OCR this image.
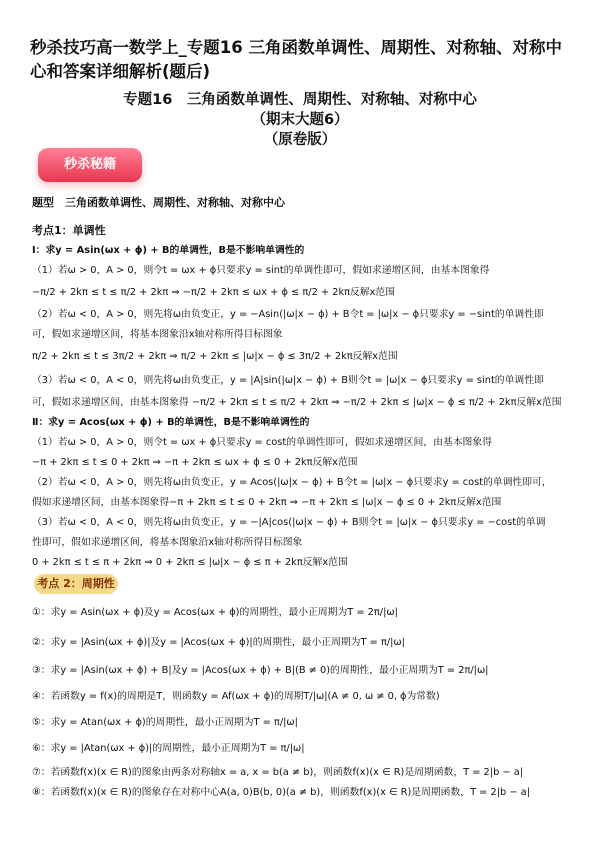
秒杀技巧高一数学上_专题16 三角函数单调性、周期性、对称轴、对称中心和答案详细解析(题后)
专题16　三角函数单调性、周期性、对称轴、对称中心
（期末大题6）
（原卷版）
秒杀秘籍
题型　三角函数单调性、周期性、对称轴、对称中心
考点1：单调性
Ⅰ：求y = Asin(ωx + ϕ) + B的单调性，B是不影响单调性的
（1）若ω > 0，A > 0，则令t = ωx + ϕ只要求y = sint的单调性即可，假如求递增区间，由基本图象得
−π/2 + 2kπ ≤ t ≤ π/2 + 2kπ ⇒ −π/2 + 2kπ ≤ ωx + ϕ ≤ π/2 + 2kπ反解x范围
（2）若ω < 0，A > 0，则先将ω由负变正，y = −Asin(|ω|x − ϕ) + B令t = |ω|x − ϕ只要求y = −sint的单调性即
可，假如求递增区间，将基本图象沿x轴对称所得目标图象
π/2 + 2kπ ≤ t ≤ 3π/2 + 2kπ ⇒ π/2 + 2kπ ≤ |ω|x − ϕ ≤ 3π/2 + 2kπ反解x范围
（3）若ω < 0，A < 0，则先将ω由负变正，y = |A|sin(|ω|x − ϕ) + B则令t = |ω|x − ϕ只要求y = sint的单调性即
可，假如求递增区间，由基本图象得 −π/2 + 2kπ ≤ t ≤ π/2 + 2kπ ⇒ −π/2 + 2kπ ≤ |ω|x − ϕ ≤ π/2 + 2kπ反解x范围
Ⅱ：求y = Acos(ωx + ϕ) + B的单调性，B是不影响单调性的
（1）若ω > 0，A > 0，则令t = ωx + ϕ只要求y = cost的单调性即可，假如求递增区间，由基本图象得
−π + 2kπ ≤ t ≤ 0 + 2kπ ⇒ −π + 2kπ ≤ ωx + ϕ ≤ 0 + 2kπ反解x范围
（2）若ω < 0，A > 0，则先将ω由负变正，y = Acos(|ω|x − ϕ) + B令t = |ω|x − ϕ只要求y = cost的单调性即可，
假如求递增区间，由基本图象得−π + 2kπ ≤ t ≤ 0 + 2kπ ⇒ −π + 2kπ ≤ |ω|x − ϕ ≤ 0 + 2kπ反解x范围
（3）若ω < 0，A < 0，则先将ω由负变正，y = −|A|cos(|ω|x − ϕ) + B则令t = |ω|x − ϕ只要求y = −cost的单调
性即可，假如求递增区间，将基本图象沿x轴对称所得目标图象
0 + 2kπ ≤ t ≤ π + 2kπ ⇒ 0 + 2kπ ≤ |ω|x − ϕ ≤ π + 2kπ反解x范围
考点 2：周期性
①：求y = Asin(ωx + ϕ)及y = Acos(ωx + ϕ)的周期性，最小正周期为T = 2π/|ω|
②：求y = |Asin(ωx + ϕ)|及y = |Acos(ωx + ϕ)|的周期性，最小正周期为T = π/|ω|
③：求y = |Asin(ωx + ϕ) + B|及y = |Acos(ωx + ϕ) + B|(B ≠ 0)的周期性，最小正周期为T = 2π/|ω|
④：若函数y = f(x)的周期是T，则函数y = Af(ωx + ϕ)的周期T/|ω|(A ≠ 0, ω ≠ 0, ϕ为常数)
⑤：求y = Atan(ωx + ϕ)的周期性，最小正周期为T = π/|ω|
⑥：求y = |Atan(ωx + ϕ)|的周期性，最小正周期为T = π/|ω|
⑦：若函数f(x)(x ∈ R)的图象由两条对称轴x = a, x = b(a ≠ b)，则函数f(x)(x ∈ R)是周期函数，T = 2|b − a|
⑧：若函数f(x)(x ∈ R)的图象存在对称中心A(a, 0)B(b, 0)(a ≠ b)，则函数f(x)(x ∈ R)是周期函数，T = 2|b − a|
